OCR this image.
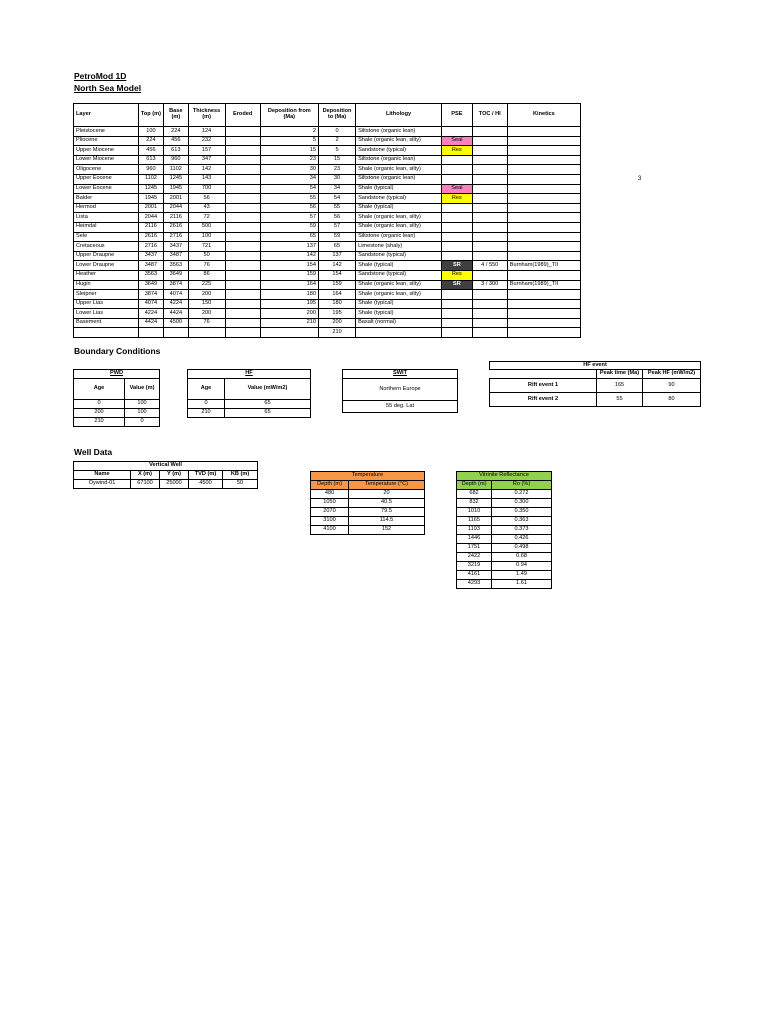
PetroMod 1D
North Sea Model
3
Layer	Top (m)	Base (m)	Thickness (m)	Eroded	Deposition from (Ma)	Deposition to (Ma)	Lithology	PSE	TOC / HI	Kinetics
Pleistocene	100	224	124		2	0	Siltstone (organic lean)			
Pliocene	224	456	232		5	2	Shale (organic lean, silty)	Seal		
Upper Miocene	456	613	157		15	5	Sandstone (typical)	Res		
Lower Miocene	613	960	347		23	15	Siltstone (organic lean)			
Oligocene	960	1102	142		30	23	Shale (organic lean, silty)			
Upper Eocene	1102	1245	143		34	30	Siltstone (organic lean)			
Lower Eocene	1245	1945	700		54	34	Shale (typical)	Seal		
Balder	1945	2001	56		55	54	Sandstone (typical)	Res		
Hermod	2001	2044	43		56	55	Shale (typical)			
Lista	2044	2116	72		57	56	Shale (organic lean, silty)			
Heimdal	2116	2616	500		59	57	Shale (organic lean, silty)			
Sele	2616	2716	100		65	59	Siltstone (organic lean)			
Cretaceous	2716	3437	721		137	65	Limestone (shaly)			
Upper Draupne	3437	3487	50		142	137	Sandstone (typical)			
Lower Draupne	3487	3563	76		154	142	Shale (typical)	SR	4 / 550	Burnham(1989)_TII
Heather	3563	3649	86		159	154	Sandstone (typical)	Res		
Hugin	3649	3874	225		164	159	Shale (organic lean, silty)	SR	3 / 300	Burnham(1989)_TII
Sleipner	3874	4074	200		180	164	Shale (organic lean, silty)			
Upper Lias	4074	4224	150		195	180	Shale (typical)			
Lower Lias	4224	4424	200		200	195	Shale (typical)			
Basement	4424	4500	76		210	200	Basalt (normal)			
						210				
Boundary Conditions
PWD	
Age	Value (m)
0	100
200	100
210	0
HF	
Age	Value (mW/m2)
0	65
210	65
SWIT
Northern Europe
55 deg. Lat
HF event		
	Peak time (Ma)	Peak HF (mW/m2)
Rift event 1	165	90
Rift event 2	55	80
Well Data
Vertical Well				
Name	X (m)	Y (m)	TVD (m)	KB (m)
Oywind-01	67100	25000	4500	50
Temperature	
Depth (m)	Temperature (°C)
480	20
1050	40.5
2070	79.5
3100	114.5
4100	152
Vitrinite Reflectance	
Depth (m)	Ro (%)
682	0.272
832	0.300
1010	0.350
1165	0.363
1193	0.373
1446	0.426
1751	0.498
2422	0.68
3219	0.94
4161	1.49
4293	1.61
